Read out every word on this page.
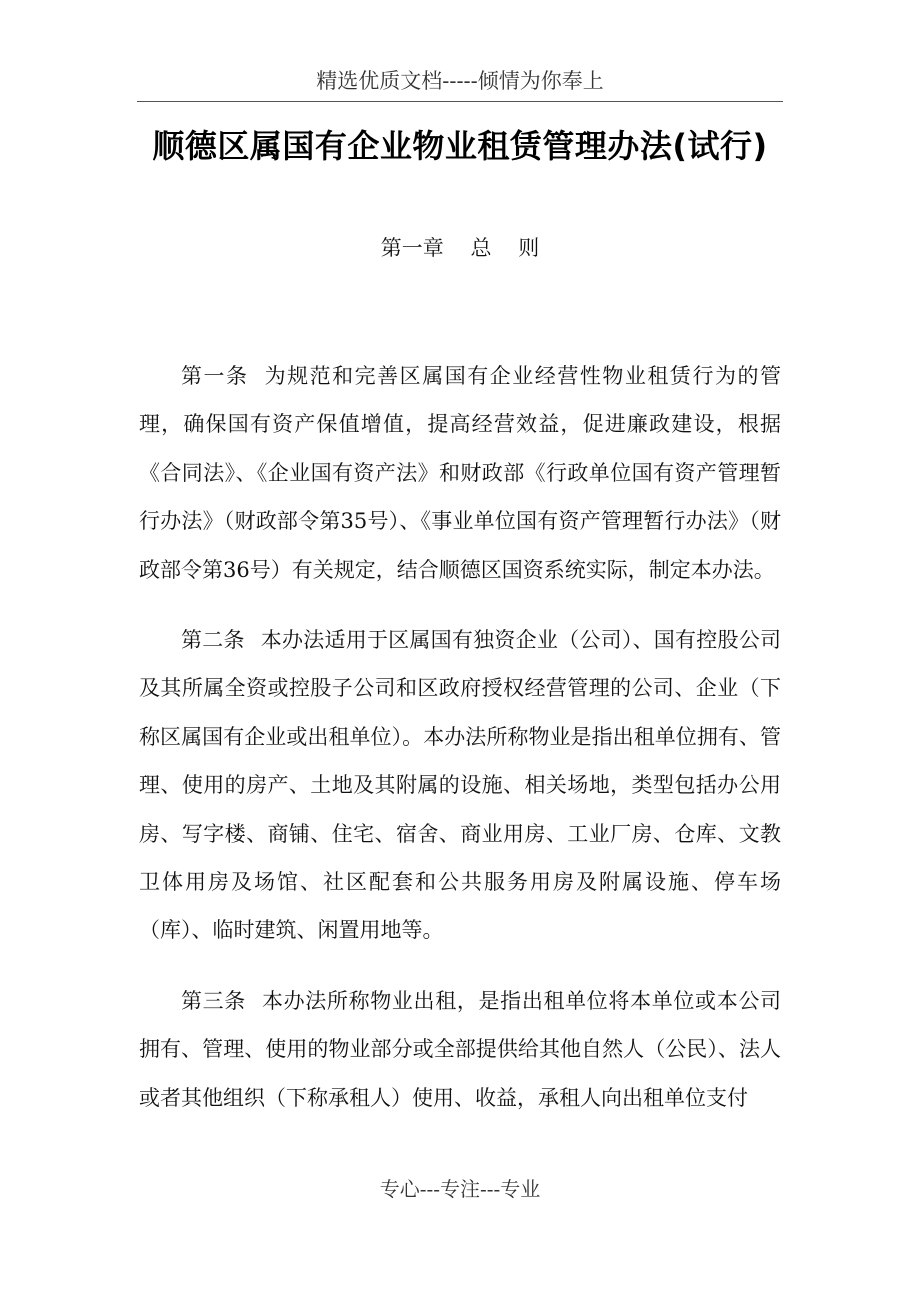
精选优质文档-----倾情为你奉上
顺德区属国有企业物业租赁管理办法(试行)
第一章    总    则

第一条 为规范和完善区属国有企业经营性物业租赁行为的管理，确保国有资产保值增值，提高经营效益，促进廉政建设，根据《合同法》、《企业国有资产法》和财政部《行政单位国有资产管理暂行办法》（财政部令第35号）、《事业单位国有资产管理暂行办法》（财政部令第36号）有关规定，结合顺德区国资系统实际，制定本办法。

第二条 本办法适用于区属国有独资企业（公司）、国有控股公司及其所属全资或控股子公司和区政府授权经营管理的公司、企业（下称区属国有企业或出租单位）。本办法所称物业是指出租单位拥有、管理、使用的房产、土地及其附属的设施、相关场地，类型包括办公用房、写字楼、商铺、住宅、宿舍、商业用房、工业厂房、仓库、文教卫体用房及场馆、社区配套和公共服务用房及附属设施、停车场（库）、临时建筑、闲置用地等。

第三条 本办法所称物业出租，是指出租单位将本单位或本公司拥有、管理、使用的物业部分或全部提供给其他自然人（公民）、法人或者其他组织（下称承租人）使用、收益，承租人向出租单位支付

专心---专注---专业
